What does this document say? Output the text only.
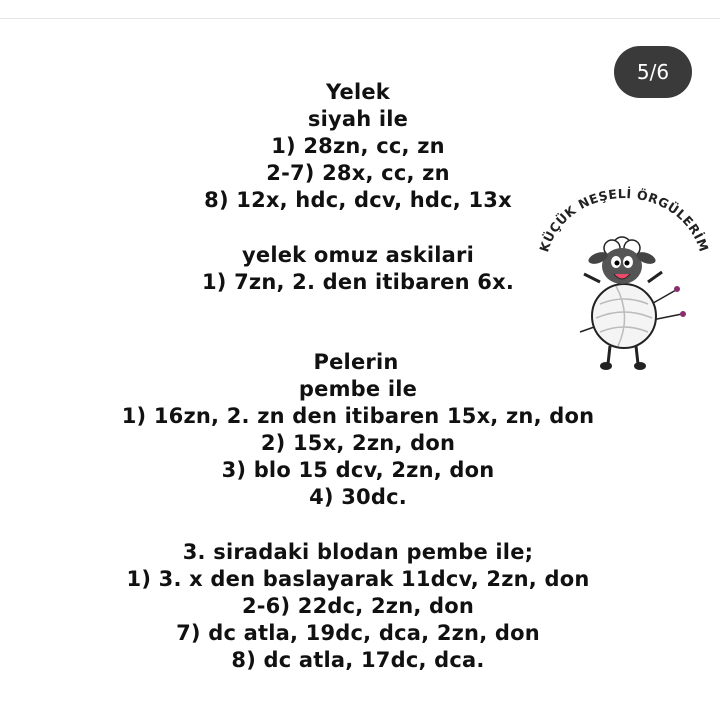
5/6
Yelek
siyah ile
1) 28zn, cc, zn
2-7) 28x, cc, zn
8) 12x, hdc, dcv, hdc, 13x
yelek omuz askilari
1) 7zn, 2. den itibaren 6x.
Pelerin
pembe ile
1) 16zn, 2. zn den itibaren 15x, zn, don
2) 15x, 2zn, don
3) blo 15 dcv, 2zn, don
4) 30dc.
3. siradaki blodan pembe ile;
1) 3. x den baslayarak 11dcv, 2zn, don
2-6) 22dc, 2zn, don
7) dc atla, 19dc, dca, 2zn, don
8) dc atla, 17dc, dca.
KÜÇÜK NEŞELİ ÖRGÜLERİM
